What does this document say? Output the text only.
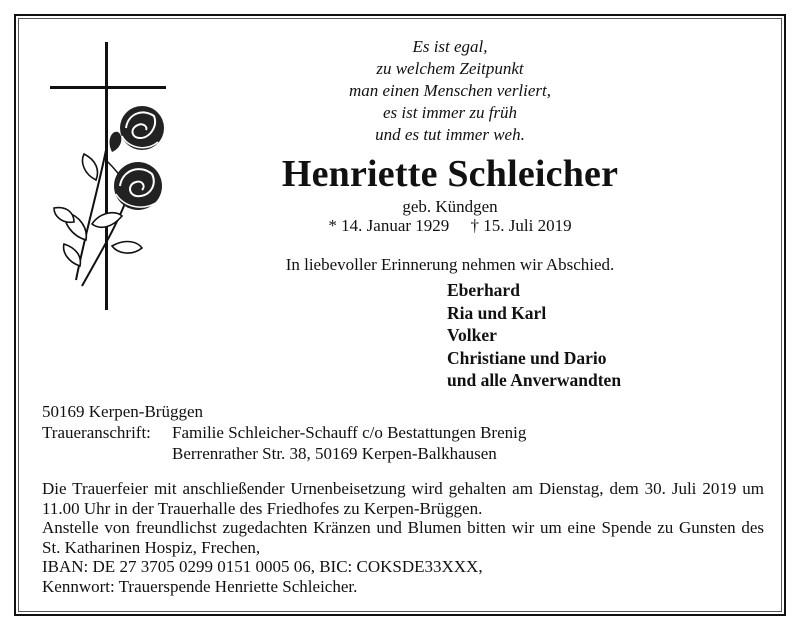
Es ist egal,
zu welchem Zeitpunkt
man einen Menschen verliert,
es ist immer zu früh
und es tut immer weh.
Henriette Schleicher
geb. Kündgen
* 14. Januar 1929     † 15. Juli 2019
In liebevoller Erinnerung nehmen wir Abschied.
Eberhard
Ria und Karl
Volker
Christiane und Dario
und alle Anverwandten
50169 Kerpen-Brüggen
Traueranschrift:	Familie Schleicher-Schauff c/o Bestattungen Brenig
Berrenrather Str. 38, 50169 Kerpen-Balkhausen

Die Trauerfeier mit anschließender Urnenbeisetzung wird gehalten am Dienstag, dem 30. Juli 2019 um 11.00 Uhr in der Trauerhalle des Friedhofes zu Kerpen-Brüggen.

Anstelle von freundlichst zugedachten Kränzen und Blumen bitten wir um eine Spende zu Gunsten des St. Katharinen Hospiz, Frechen,

IBAN: DE 27 3705 0299 0151 0005 06, BIC: COKSDE33XXX,
Kennwort: Trauerspende Henriette Schleicher.
